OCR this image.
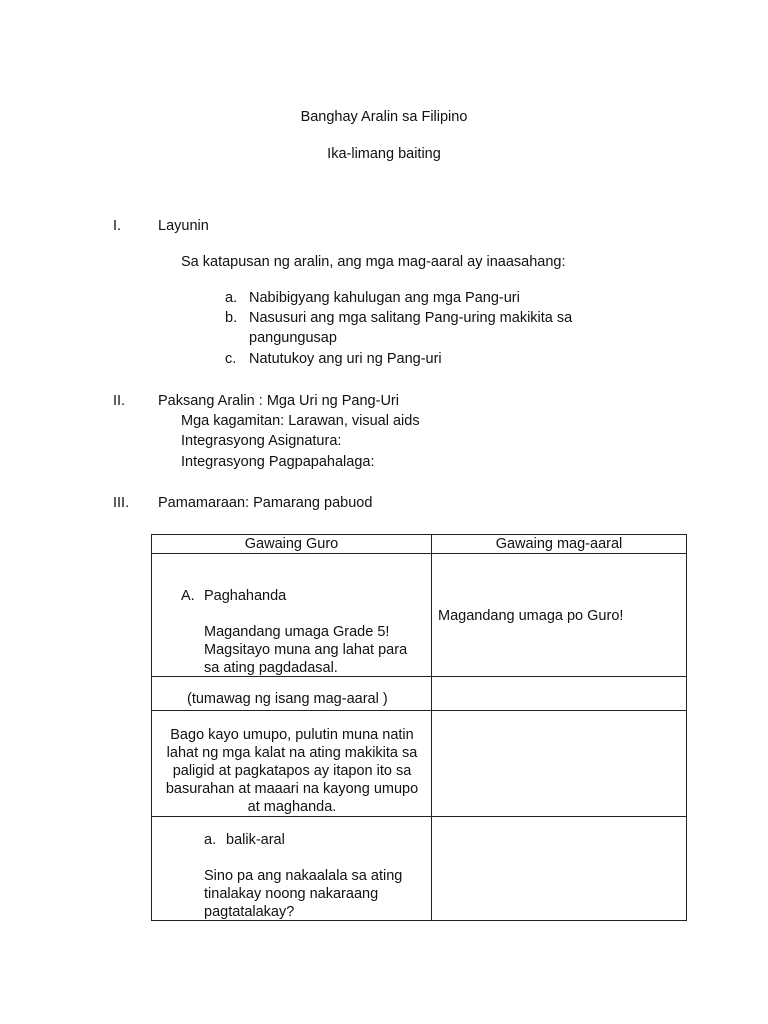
Banghay Aralin sa Filipino
Ika-limang baiting
I.	Layunin
Sa katapusan ng aralin, ang mga mag-aaral ay inaasahang:
a. Nabibigyang kahulugan ang mga Pang-uri
b. Nasusuri ang mga salitang Pang-uring makikita sa
pangungusap
c. Natutukoy ang uri ng Pang-uri
II. Paksang Aralin : Mga Uri ng Pang-Uri
Mga kagamitan: Larawan, visual aids
Integrasyong Asignatura:
Integrasyong Pagpapahalaga:
III. Pamamaraan: Pamarang pabuod
Gawaing Guro	Gawaing mag-aaral

A. Paghahanda
Magandang umaga Grade 5!
Magsitayo muna ang lahat para
sa ating pagdadasal.	Magandang umaga po Guro!

(tumawag ng isang mag-aaral )	

Bago kayo umupo, pulutin muna natin
lahat ng mga kalat na ating makikita sa
paligid at pagkatapos ay itapon ito sa
basurahan at maaari na kayong umupo
at maghanda.	

a. balik-aral
Sino pa ang nakaalala sa ating
tinalakay noong nakaraang
pagtatalakay?	
